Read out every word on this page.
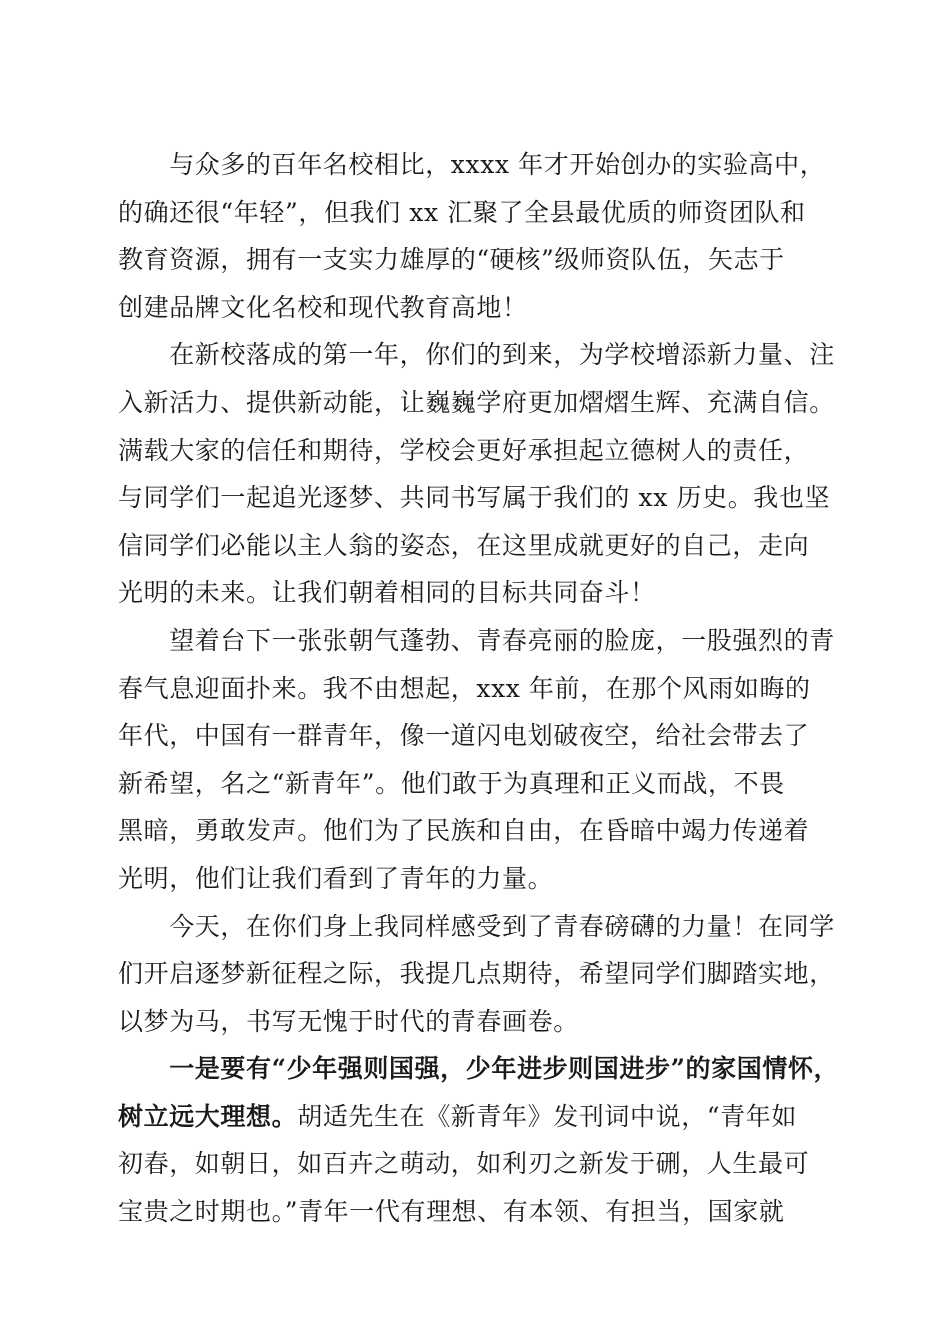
　　与众多的百年名校相比，xxxx 年才开始创办的实验高中，
的确还很“年轻”，但我们 xx 汇聚了全县最优质的师资团队和
教育资源，拥有一支实力雄厚的“硬核”级师资队伍，矢志于
创建品牌文化名校和现代教育高地！

　　在新校落成的第一年，你们的到来，为学校增添新力量、注
入新活力、提供新动能，让巍巍学府更加熠熠生辉、充满自信。
满载大家的信任和期待，学校会更好承担起立德树人的责任，
与同学们一起追光逐梦、共同书写属于我们的 xx 历史。我也坚
信同学们必能以主人翁的姿态，在这里成就更好的自己，走向
光明的未来。让我们朝着相同的目标共同奋斗！

　　望着台下一张张朝气蓬勃、青春亮丽的脸庞，一股强烈的青
春气息迎面扑来。我不由想起，xxx 年前，在那个风雨如晦的
年代，中国有一群青年，像一道闪电划破夜空，给社会带去了
新希望，名之“新青年”。他们敢于为真理和正义而战，不畏
黑暗，勇敢发声。他们为了民族和自由，在昏暗中竭力传递着
光明，他们让我们看到了青年的力量。

　　今天，在你们身上我同样感受到了青春磅礴的力量！在同学
们开启逐梦新征程之际，我提几点期待，希望同学们脚踏实地，
以梦为马，书写无愧于时代的青春画卷。

　　一是要有“少年强则国强，少年进步则国进步”的家国情怀，
树立远大理想。胡适先生在《新青年》发刊词中说，“青年如
初春，如朝日，如百卉之萌动，如利刃之新发于硎，人生最可
宝贵之时期也。”青年一代有理想、有本领、有担当，国家就
